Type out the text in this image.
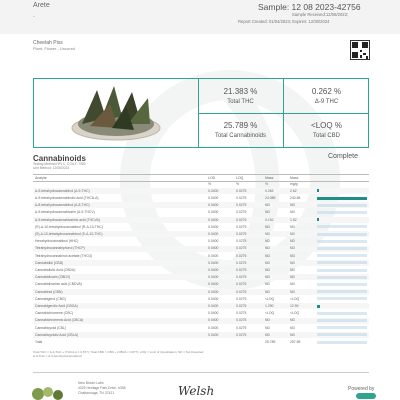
Arete
-
Sample: 12 08 2023-42756
Sample Received:12/08/2023;
Report Created: 01/04/2024; Expires: 12/30/2024
Cheetah Piss
Plant, Flower - Uncured
21.383 %
Total THC
0.262 %
Δ-9 THC
25.789 %
Total Cannabinoids
<LOQ %
Total CBD
Cannabinoids	Complete
Testing Method:HPLC, COA-F-7080
Unit Method: 12/08/2023
Analyte	LOD	LOQ	Mass	Mass
%	%	%	mg/g
Δ-9-tetrahydrocannabinol (Δ-9-THC)	0.0400	0.0275	0.262	2.62
Δ-9-tetrahydrocannabinolic acid (THCA-A)	0.0400	0.0275	24.085	240.85
Δ-8-tetrahydrocannabinol (Δ-8-THC)	0.0400	0.0275	ND	ND
Δ-9-tetrahydrocannabivarin (Δ-9-THCV)	0.0400	0.0275	ND	ND
Δ-9-tetrahydrocannabivarinic acid (THCVA)	0.0400	0.0275	0.152	1.52
(R)-Δ-10-tetrahydrocannabinol (R-Δ-10-THC)	0.0400	0.0275	ND	ND
(S)-Δ-10-tetrahydrocannabinol (S-Δ-10-THC)	0.0400	0.0275	ND	ND
Hexahydrocannabinol (HHC)	0.0400	0.0275	ND	ND
Tetrahydrocannabiphorol (THCP)	0.0400	0.0275	ND	ND
Tetrahydrocannabinol acetate (THCO)	0.0400	0.0275	ND	ND
Cannabidiol (CBD)	0.0400	0.0275	ND	ND
Cannabidiolic Acid (CBDA)	0.0400	0.0275	ND	ND
Cannabidivarin (CBDV)	0.0400	0.0275	ND	ND
Cannabidivarinic acid (CBDVA)	0.0400	0.0275	ND	ND
Cannabinol (CBN)	0.0400	0.0275	ND	ND
Cannabigerol (CBG)	0.0400	0.0275	<LOQ	<LOQ
Cannabigerolic Acid (CBGA)	0.0400	0.0275	1.290	12.90
Cannabichromene (CBC)	0.0400	0.0275	<LOQ	<LOQ
Cannabichromenic Acid (CBCA)	0.0400	0.0275	ND	ND
Cannabicyclol (CBL)	0.0400	0.0275	ND	ND
Cannabicyclolic Acid (CBLA)	0.0400	0.0275	ND	ND
Total	25.789	257.89
Total THC = Δ-9-THC + (THCA-A × 0.877); Total CBD = CBD + (CBDA × 0.877); LOQ = Limit of Quantitation; ND = Not Detected
Δ-9-THC = Δ-9-tetrahydrocannabinol
New Bloom Labs
4325 Heritage Park Drive, #398
Chattanooga, TN 37421	Welsh	Powered by
